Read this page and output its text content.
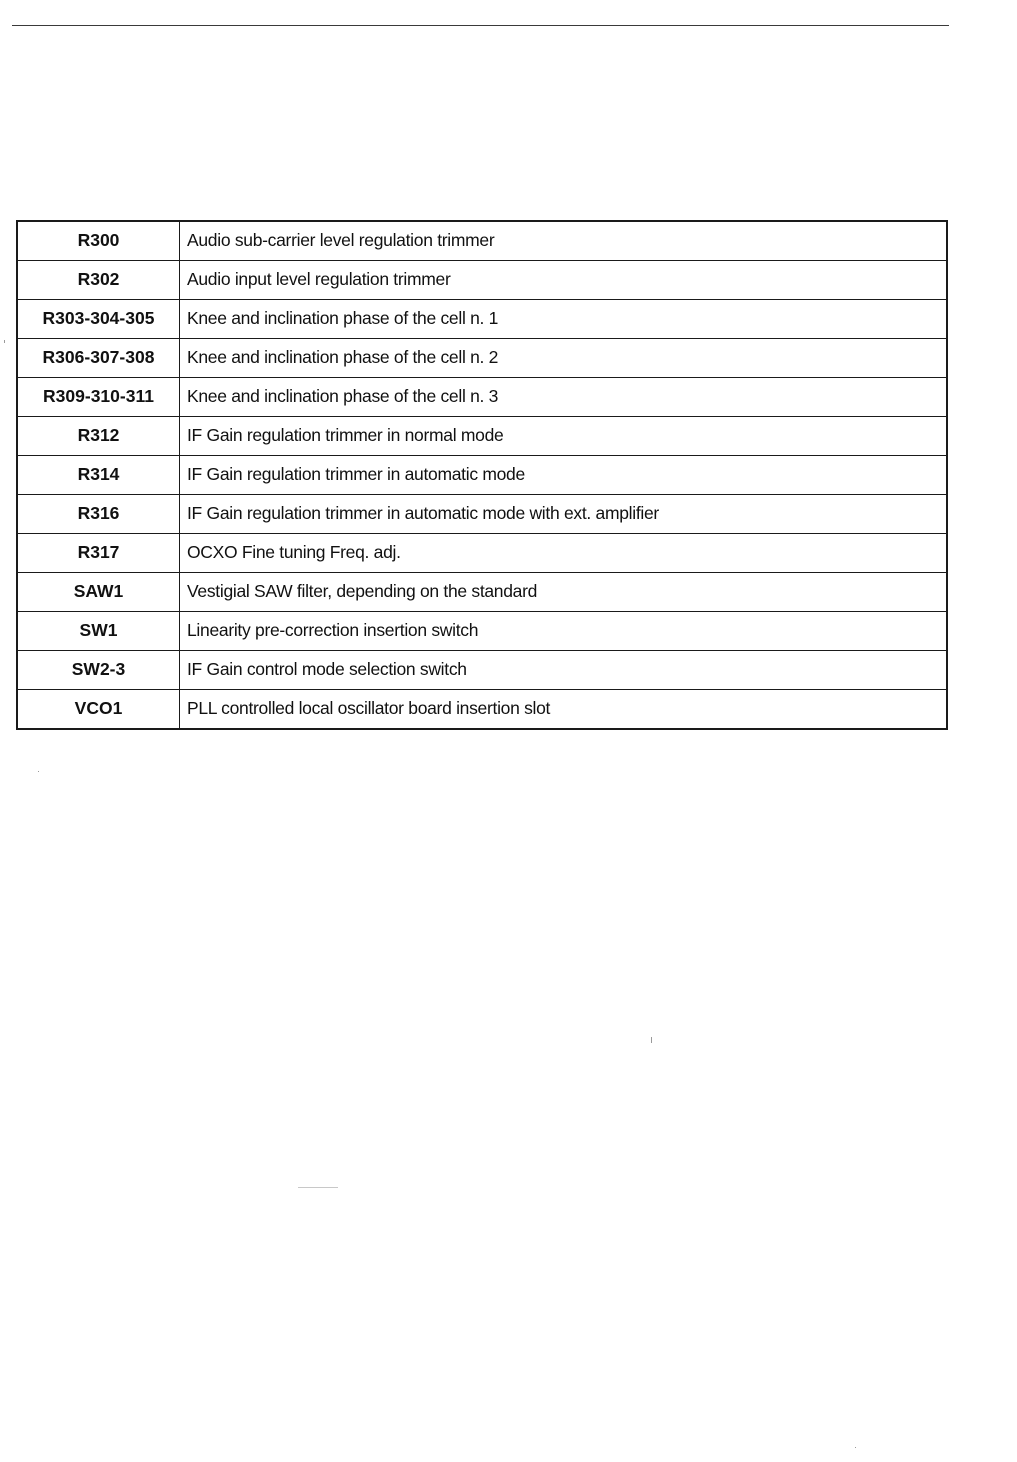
R300	Audio sub-carrier level regulation trimmer
R302	Audio input level regulation trimmer
R303-304-305	Knee and inclination phase of the cell n. 1
R306-307-308	Knee and inclination phase of the cell n. 2
R309-310-311	Knee and inclination phase of the cell n. 3
R312	IF Gain regulation trimmer in normal mode
R314	IF Gain regulation trimmer in automatic mode
R316	IF Gain regulation trimmer in automatic mode with ext. amplifier
R317	OCXO Fine tuning Freq. adj.
SAW1	Vestigial SAW filter, depending on the standard
SW1	Linearity pre-correction insertion switch
SW2-3	IF Gain control mode selection switch
VCO1	PLL controlled local oscillator board insertion slot
